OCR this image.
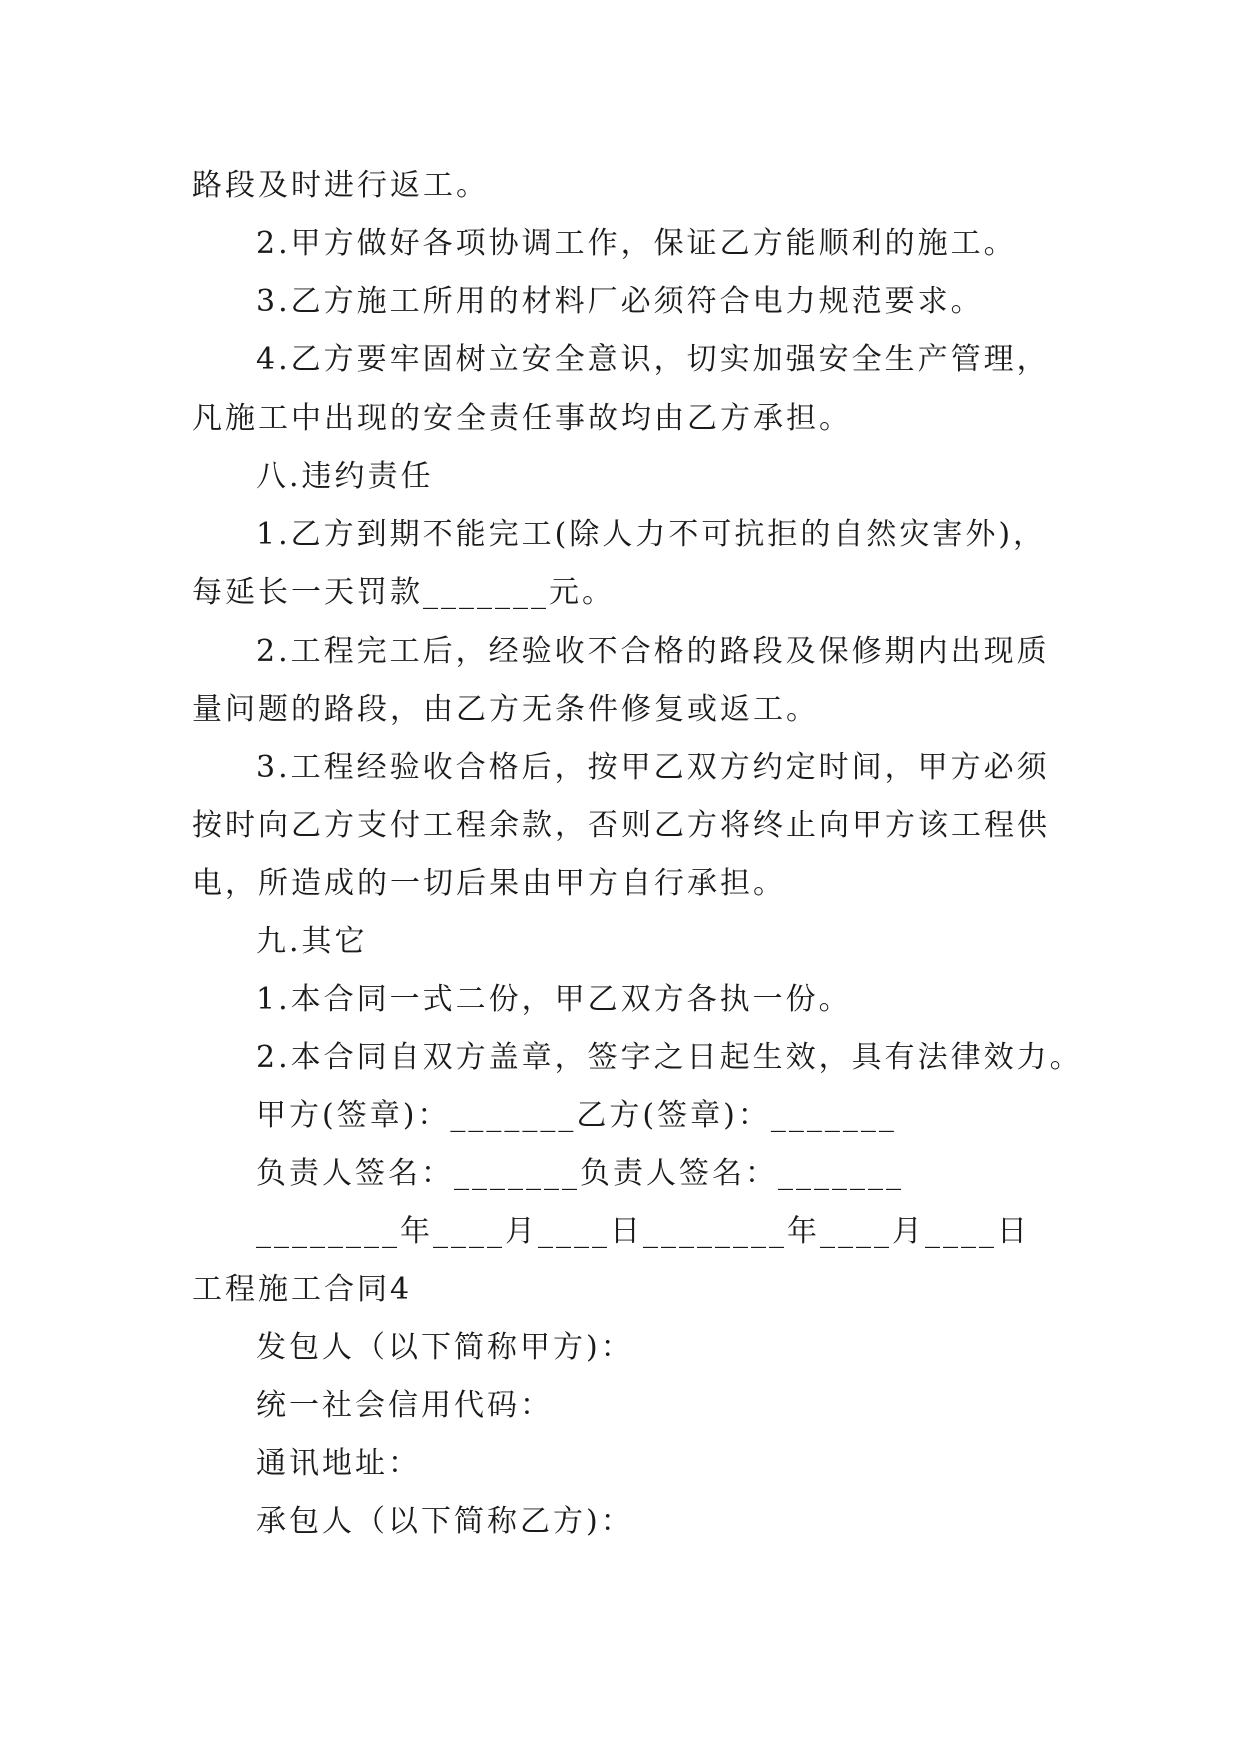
路段及时进行返工。
2.甲方做好各项协调工作，保证乙方能顺利的施工。
3.乙方施工所用的材料厂必须符合电力规范要求。
4.乙方要牢固树立安全意识，切实加强安全生产管理，
凡施工中出现的安全责任事故均由乙方承担。
八.违约责任
1.乙方到期不能完工(除人力不可抗拒的自然灾害外)，
每延长一天罚款_______元。
2.工程完工后，经验收不合格的路段及保修期内出现质
量问题的路段，由乙方无条件修复或返工。
3.工程经验收合格后，按甲乙双方约定时间，甲方必须
按时向乙方支付工程余款，否则乙方将终止向甲方该工程供
电，所造成的一切后果由甲方自行承担。
九.其它
1.本合同一式二份，甲乙双方各执一份。
2.本合同自双方盖章，签字之日起生效，具有法律效力。
甲方(签章)：_______乙方(签章)：_______
负责人签名：_______负责人签名：_______
________年____月____日________年____月____日
工程施工合同4
发包人（以下简称甲方)：
统一社会信用代码：
通讯地址：
承包人（以下简称乙方)：
